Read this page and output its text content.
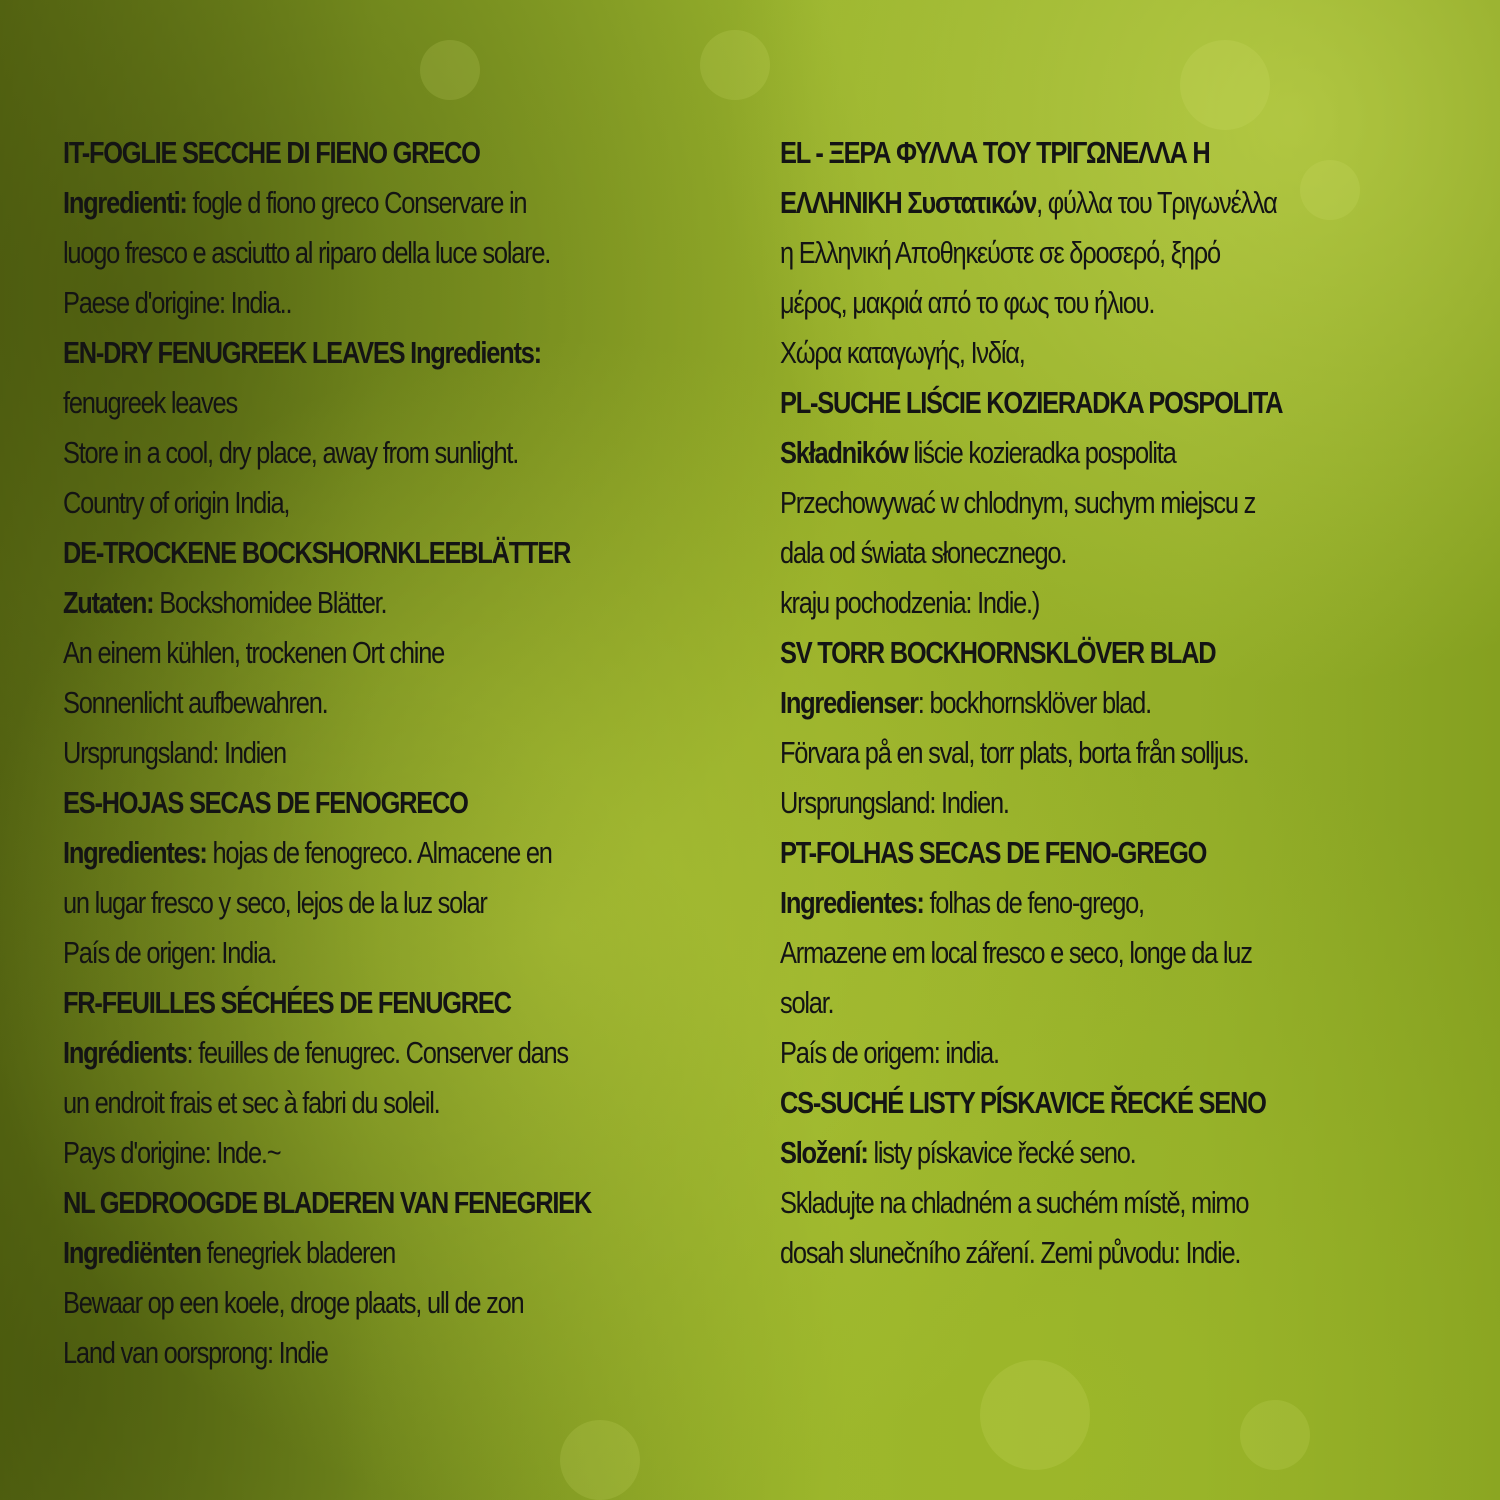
IT-FOGLIE SECCHE DI FIENO GRECO
Ingredienti: fogle d fiono greco Conservare in
luogo fresco e asciutto al riparo della luce solare.
Paese d'origine: India..
EN-DRY FENUGREEK LEAVES Ingredients:
fenugreek leaves
Store in a cool, dry place, away from sunlight.
Country of origin India,
DE-TROCKENE BOCKSHORNKLEEBLÄTTER
Zutaten: Bockshomidee Blätter.
An einem kühlen, trockenen Ort chine
Sonnenlicht aufbewahren.
Ursprungsland: Indien
ES-HOJAS SECAS DE FENOGRECO
Ingredientes: hojas de fenogreco. Almacene en
un lugar fresco y seco, lejos de la luz solar
País de origen: India.
FR-FEUILLES SÉCHÉES DE FENUGREC
Ingrédients: feuilles de fenugrec. Conserver dans
un endroit frais et sec à fabri du soleil.
Pays d'origine: Inde.~
NL GEDROOGDE BLADEREN VAN FENEGRIEK
Ingrediënten fenegriek bladeren
Bewaar op een koele, droge plaats, ull de zon
Land van oorsprong: Indie
EL - ΞΕΡΑ ΦΥΛΛΑ ΤΟΥ ΤΡΙΓΩΝΕΛΛΑ Η
ΕΛΛΗΝΙΚΗ Συστατικών, φύλλα του Τριγωνέλλα
η Ελληνική Αποθηκεύστε σε δροσερό, ξηρό
μέρος, μακριά από το φως του ήλιου.
Χώρα καταγωγής, Ινδία,
PL-SUCHE LIŚCIE KOZIERADKA POSPOLITA
Składników liście kozieradka pospolita
Przechowywać w chlodnym, suchym miejscu z
dala od światа słonecznego.
kraju pochodzenia: Indie.)
SV TORR BOCKHORNSKLÖVER BLAD
Ingredienser: bockhornsklöver blad.
Förvara på en sval, torr plats, borta från solljus.
Ursprungsland: Indien.
PT-FOLHAS SECAS DE FENO-GREGO
Ingredientes: folhas de feno-grego,
Armazene em local fresco e seco, longe da luz
solar.
País de origem: india.
CS-SUCHÉ LISTY PÍSKAVICE ŘECKÉ SENO
Složení: listy pískavice řecké seno.
Skladujte na chladném a suchém místě, mimo
dosah slunečního záření. Zemi původu: Indie.
